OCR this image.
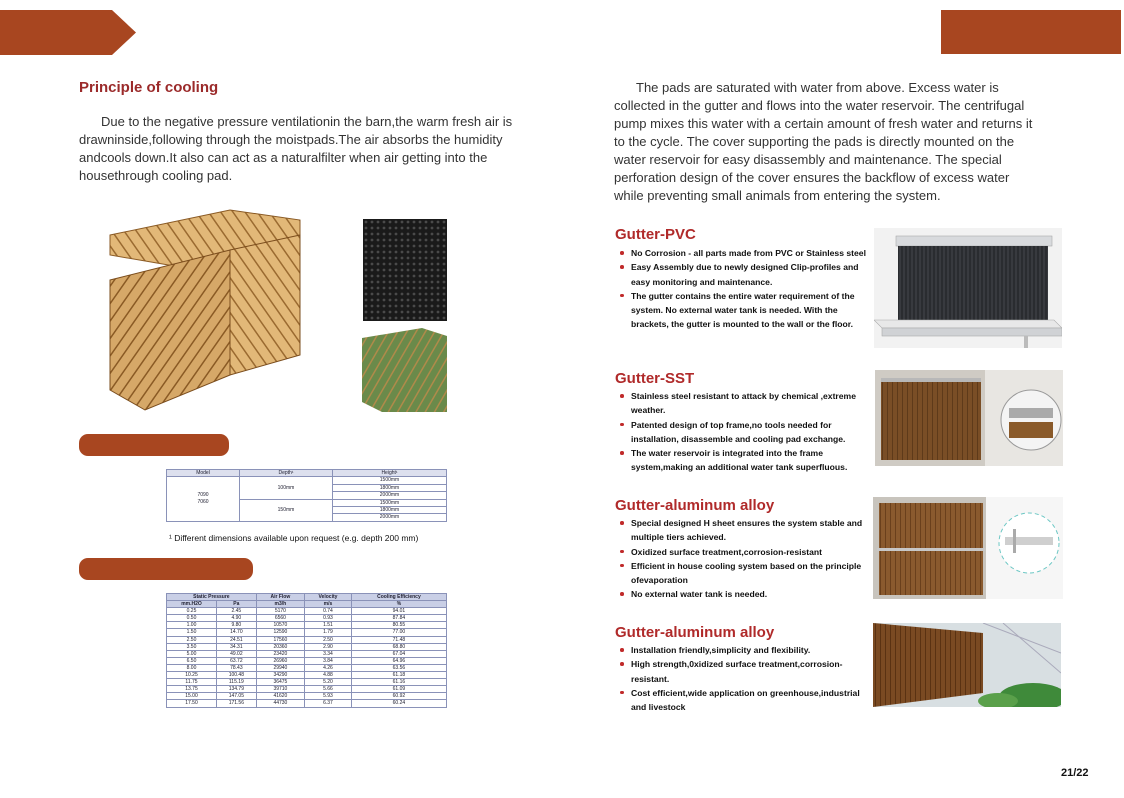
Principle of cooling
Due to the negative pressure ventilationin the barn,the warm fresh air is drawninside,following through the moistpads.The air absorbs the humidity andcools down.It also can act as a naturalfilter when air getting into the housethrough cooling pad.
Model	Depth¹	Height¹
7090
7060	100mm	1500mm
		1800mm
		2000mm
	150mm	1500mm
		1800mm
		2000mm
¹ Different dimensions available upon request (e.g. depth 200 mm)
Static Pressure		Air Flow	Velocity	Cooling Efficiency
mm.H2O	Pa	m3/h	m/s	%
0.25	2.45	5170	0.74	94.01
0.50	4.90	6560	0.93	87.84
1.00	9.80	10570	1.51	80.55
1.50	14.70	12590	1.79	77.00
2.50	24.51	17560	2.50	71.48
3.50	34.31	20360	2.90	68.80
5.00	49.02	23420	3.34	67.04
6.50	63.72	26960	3.84	64.96
8.00	78.43	29940	4.26	63.56
10.25	100.48	34290	4.88	61.18
11.75	115.19	36475	5.20	61.16
13.75	134.79	39710	5.66	61.09
15.00	147.05	41620	5.93	60.92
17.50	171.56	44730	6.37	60.24
The pads are saturated with water from above. Excess water is collected in the gutter and flows into the water reservoir. The centrifugal pump mixes this water with a certain amount of fresh water and returns it to the cycle. The cover supporting the pads is directly mounted on the water reservoir for easy disassembly and maintenance. The special perforation design of the cover ensures the backflow of excess water while preventing small animals from entering the system.
Gutter-PVC
No Corrosion - all parts made from PVC or Stainless steel
Easy Assembly due to newly designed Clip-profiles and easy monitoring and maintenance.
The gutter contains the entire water requirement of the system. No external water tank is needed. With the brackets, the gutter is mounted to the wall or the floor.
Gutter-SST
Stainless steel resistant to attack by chemical ,extreme weather.
Patented design of top frame,no tools needed for installation, disassemble and cooling pad exchange.
The water reservoir is integrated into the frame system,making an additional water tank superfluous.
Gutter-aluminum alloy
Special designed H sheet ensures the system stable and multiple tiers achieved.
Oxidized surface treatment,corrosion-resistant
Efficient in house cooling system based on the principle ofevaporation
No external water tank is needed.
Gutter-aluminum alloy
Installation friendly,simplicity and flexibility.
High strength,0xidized surface treatment,corrosion-resistant.
Cost efficient,wide application on greenhouse,industrial and livestock
21/22
